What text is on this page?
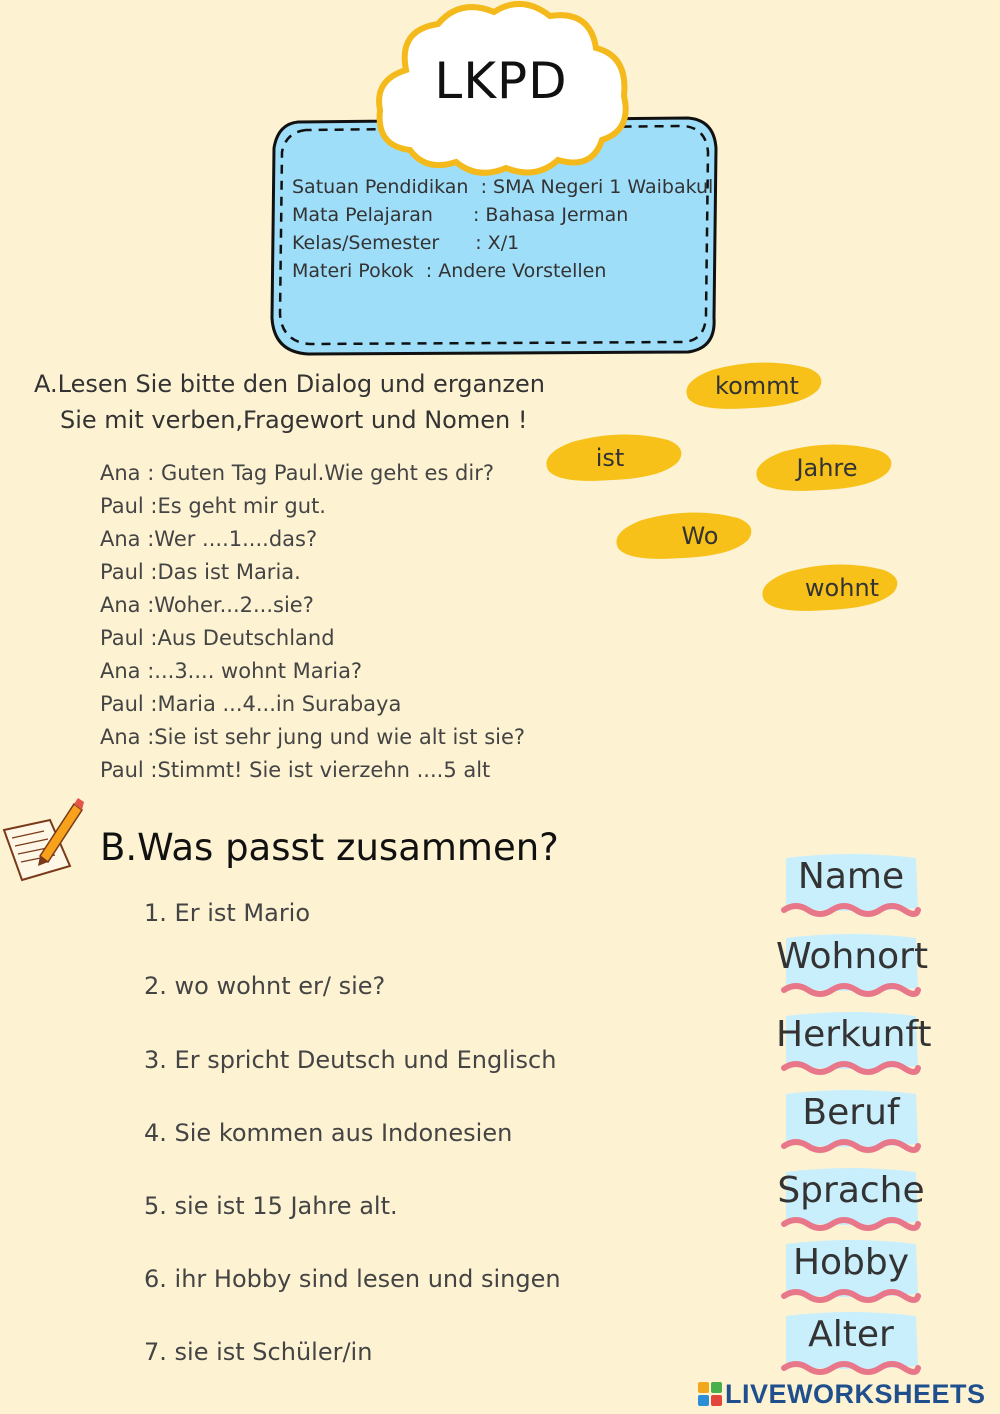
Satuan Pendidikan : SMA Negeri 1 Waibakul
Mata Pelajaran : Bahasa Jerman
Kelas/Semester : X/1
Materi Pokok : Andere Vorstellen
LKPD
A.Lesen Sie bitte den Dialog und erganzen
Sie mit verben,Fragewort und Nomen !
Ana : Guten Tag Paul.Wie geht es dir?
Paul :Es geht mir gut.
Ana :Wer ....1....das?
Paul :Das ist Maria.
Ana :Woher...2...sie?
Paul :Aus Deutschland
Ana :...3.... wohnt Maria?
Paul :Maria ...4...in Surabaya
Ana :Sie ist sehr jung und wie alt ist sie?
Paul :Stimmt! Sie ist vierzehn ....5 alt
kommt
ist	Jahre
Wo
wohnt
B.Was passt zusammen?
1. Er ist Mario
2. wo wohnt er/ sie?
3. Er spricht Deutsch und Englisch
4. Sie kommen aus Indonesien
5. sie ist 15 Jahre alt.
6. ihr Hobby sind lesen und singen
7. sie ist Schüler/in
Name
Wohnort
Herkunft
Beruf
Sprache
Hobby
Alter
LIVEWORKSHEETS
